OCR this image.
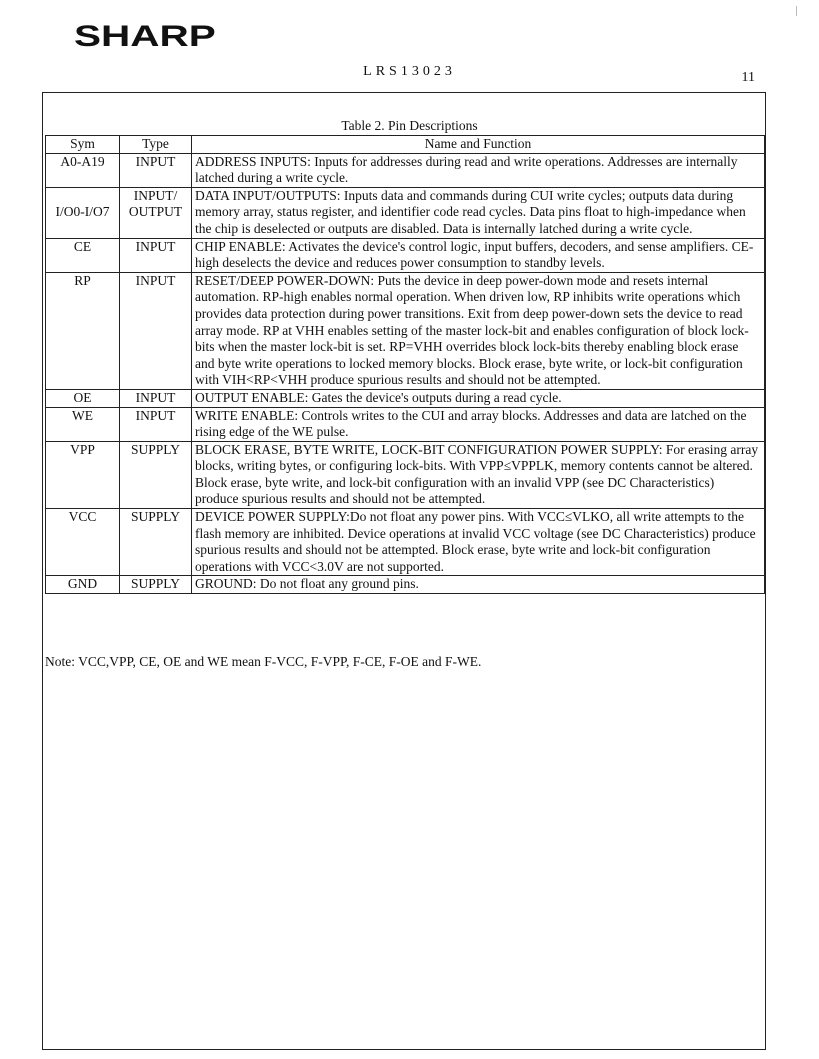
SHARP
LRS13023	11
Table 2. Pin Descriptions
Sym	Type	Name and Function
A0-A19	INPUT	ADDRESS INPUTS: Inputs for addresses during read and write operations. Addresses are internally latched during a write cycle.
I/O0-I/O7	INPUT/ OUTPUT	DATA INPUT/OUTPUTS: Inputs data and commands during CUI write cycles; outputs data during memory array, status register, and identifier code read cycles. Data pins float to high-impedance when the chip is deselected or outputs are disabled. Data is internally latched during a write cycle.
CE	INPUT	CHIP ENABLE: Activates the device's control logic, input buffers, decoders, and sense amplifiers. CE-high deselects the device and reduces power consumption to standby levels.
RP	INPUT	RESET/DEEP POWER-DOWN: Puts the device in deep power-down mode and resets internal automation. RP-high enables normal operation. When driven low, RP inhibits write operations which provides data protection during power transitions. Exit from deep power-down sets the device to read array mode. RP at VHH enables setting of the master lock-bit and enables configuration of block lock-bits when the master lock-bit is set. RP=VHH overrides block lock-bits thereby enabling block erase and byte write operations to locked memory blocks. Block erase, byte write, or lock-bit configuration with VIH<RP<VHH produce spurious results and should not be attempted.
OE	INPUT	OUTPUT ENABLE: Gates the device's outputs during a read cycle.
WE	INPUT	WRITE ENABLE: Controls writes to the CUI and array blocks. Addresses and data are latched on the rising edge of the WE pulse.
VPP	SUPPLY	BLOCK ERASE, BYTE WRITE, LOCK-BIT CONFIGURATION POWER SUPPLY: For erasing array blocks, writing bytes, or configuring lock-bits. With VPP≤VPPLK, memory contents cannot be altered. Block erase, byte write, and lock-bit configuration with an invalid VPP (see DC Characteristics) produce spurious results and should not be attempted.
VCC	SUPPLY	DEVICE POWER SUPPLY:Do not float any power pins. With VCC≤VLKO, all write attempts to the flash memory are inhibited. Device operations at invalid VCC voltage (see DC Characteristics) produce spurious results and should not be attempted. Block erase, byte write and lock-bit configuration operations with VCC<3.0V are not supported.
GND	SUPPLY	GROUND: Do not float any ground pins.
Note: VCC,VPP, CE, OE and WE mean F-VCC, F-VPP, F-CE, F-OE and F-WE.
